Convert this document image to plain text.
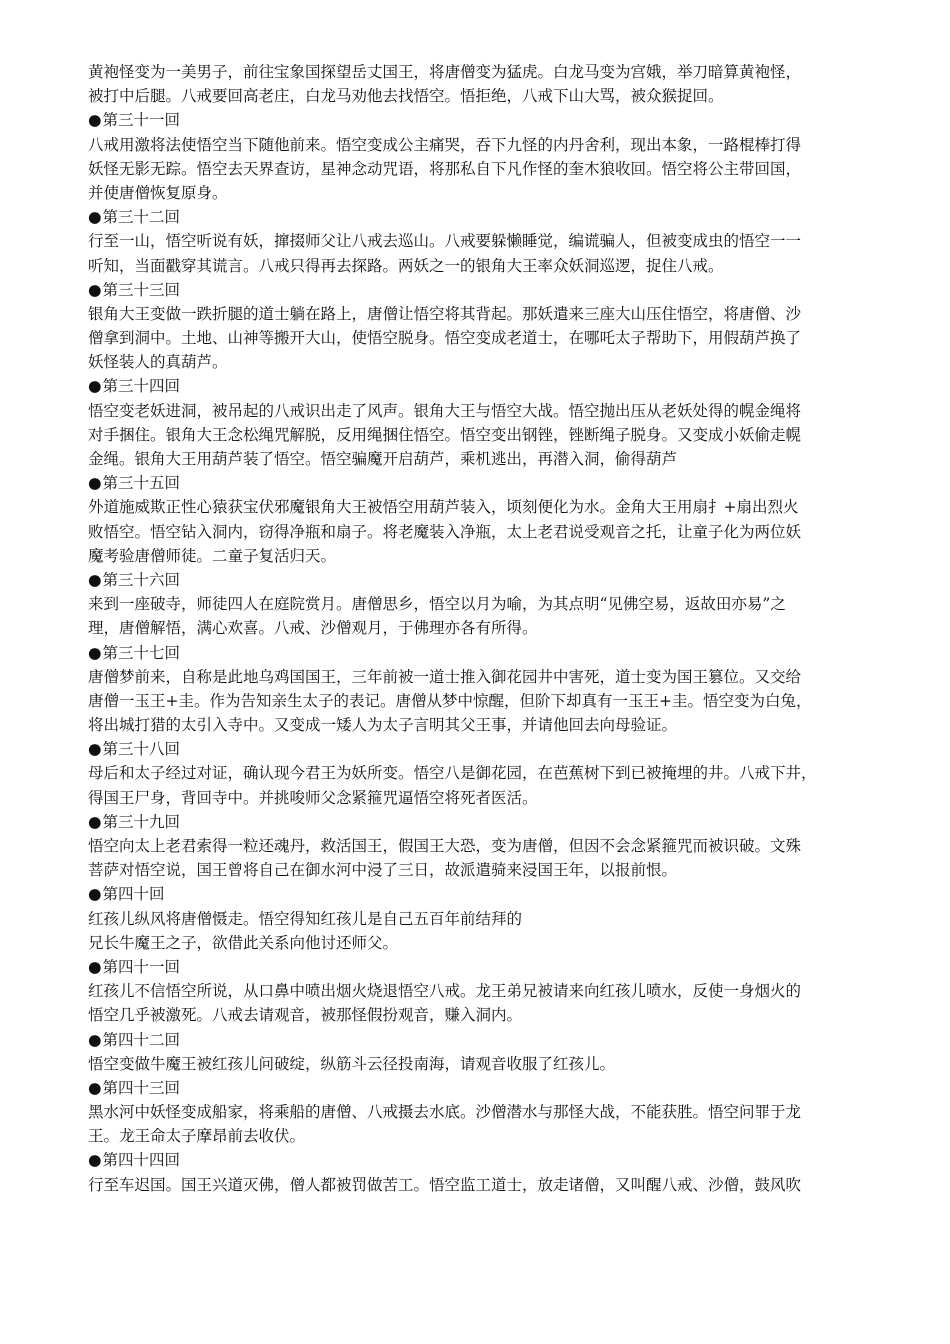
黄袍怪变为一美男子，前往宝象国探望岳丈国王，将唐僧变为猛虎。白龙马变为宫娥，举刀暗算黄袍怪，
被打中后腿。八戒要回高老庄，白龙马劝他去找悟空。悟拒绝，八戒下山大骂，被众猴捉回。
●第三十一回
八戒用激将法使悟空当下随他前来。悟空变成公主痛哭，吞下九怪的内丹舍利，现出本象，一路棍棒打得
妖怪无影无踪。悟空去天界查访，星神念动咒语，将那私自下凡作怪的奎木狼收回。悟空将公主带回国，
并使唐僧恢复原身。
●第三十二回
行至一山，悟空听说有妖，撺掇师父让八戒去巡山。八戒要躲懒睡觉，编谎骗人，但被变成虫的悟空一一
听知，当面戳穿其谎言。八戒只得再去探路。两妖之一的银角大王率众妖洞巡逻，捉住八戒。
●第三十三回
银角大王变做一跌折腿的道士躺在路上，唐僧让悟空将其背起。那妖遣来三座大山压住悟空，将唐僧、沙
僧拿到洞中。土地、山神等搬开大山，使悟空脱身。悟空变成老道士，在哪吒太子帮助下，用假葫芦换了
妖怪装人的真葫芦。
●第三十四回
悟空变老妖进洞，被吊起的八戒识出走了风声。银角大王与悟空大战。悟空抛出压从老妖处得的幌金绳将
对手捆住。银角大王念松绳咒解脱，反用绳捆住悟空。悟空变出钢锉，锉断绳子脱身。又变成小妖偷走幌
金绳。银角大王用葫芦装了悟空。悟空骗魔开启葫芦，乘机逃出，再潜入洞，偷得葫芦
●第三十五回
外道施威欺正性心猿获宝伏邪魔银角大王被悟空用葫芦装入，顷刻便化为水。金角大王用扇扌+扇出烈火
败悟空。悟空钻入洞内，窃得净瓶和扇子。将老魔装入净瓶，太上老君说受观音之托，让童子化为两位妖
魔考验唐僧师徒。二童子复活归天。
●第三十六回
来到一座破寺，师徒四人在庭院赏月。唐僧思乡，悟空以月为喻，为其点明“见佛空易，返故田亦易”之
理，唐僧解悟，满心欢喜。八戒、沙僧观月，于佛理亦各有所得。
●第三十七回
唐僧梦前来，自称是此地乌鸡国国王，三年前被一道士推入御花园井中害死，道士变为国王篡位。又交给
唐僧一玉王+圭。作为告知亲生太子的表记。唐僧从梦中惊醒，但阶下却真有一玉王+圭。悟空变为白兔，
将出城打猎的太引入寺中。又变成一矮人为太子言明其父王事，并请他回去向母验证。
●第三十八回
母后和太子经过对证，确认现今君王为妖所变。悟空八是御花园，在芭蕉树下到已被掩埋的井。八戒下井，
得国王尸身，背回寺中。并挑唆师父念紧箍咒逼悟空将死者医活。
●第三十九回
悟空向太上老君索得一粒还魂丹，救活国王，假国王大恐，变为唐僧，但因不会念紧箍咒而被识破。文殊
菩萨对悟空说，国王曾将自己在御水河中浸了三日，故派遣骑来浸国王年，以报前恨。
●第四十回
红孩儿纵风将唐僧慑走。悟空得知红孩儿是自己五百年前结拜的
兄长牛魔王之子，欲借此关系向他讨还师父。
●第四十一回
红孩儿不信悟空所说，从口鼻中喷出烟火烧退悟空八戒。龙王弟兄被请来向红孩儿喷水，反使一身烟火的
悟空几乎被激死。八戒去请观音，被那怪假扮观音，赚入洞内。
●第四十二回
悟空变做牛魔王被红孩儿问破绽，纵筋斗云径投南海，请观音收服了红孩儿。
●第四十三回
黑水河中妖怪变成船家，将乘船的唐僧、八戒摄去水底。沙僧潜水与那怪大战，不能获胜。悟空问罪于龙
王。龙王命太子摩昂前去收伏。
●第四十四回
行至车迟国。国王兴道灭佛，僧人都被罚做苦工。悟空监工道士，放走诸僧，又叫醒八戒、沙僧，鼓风吹
